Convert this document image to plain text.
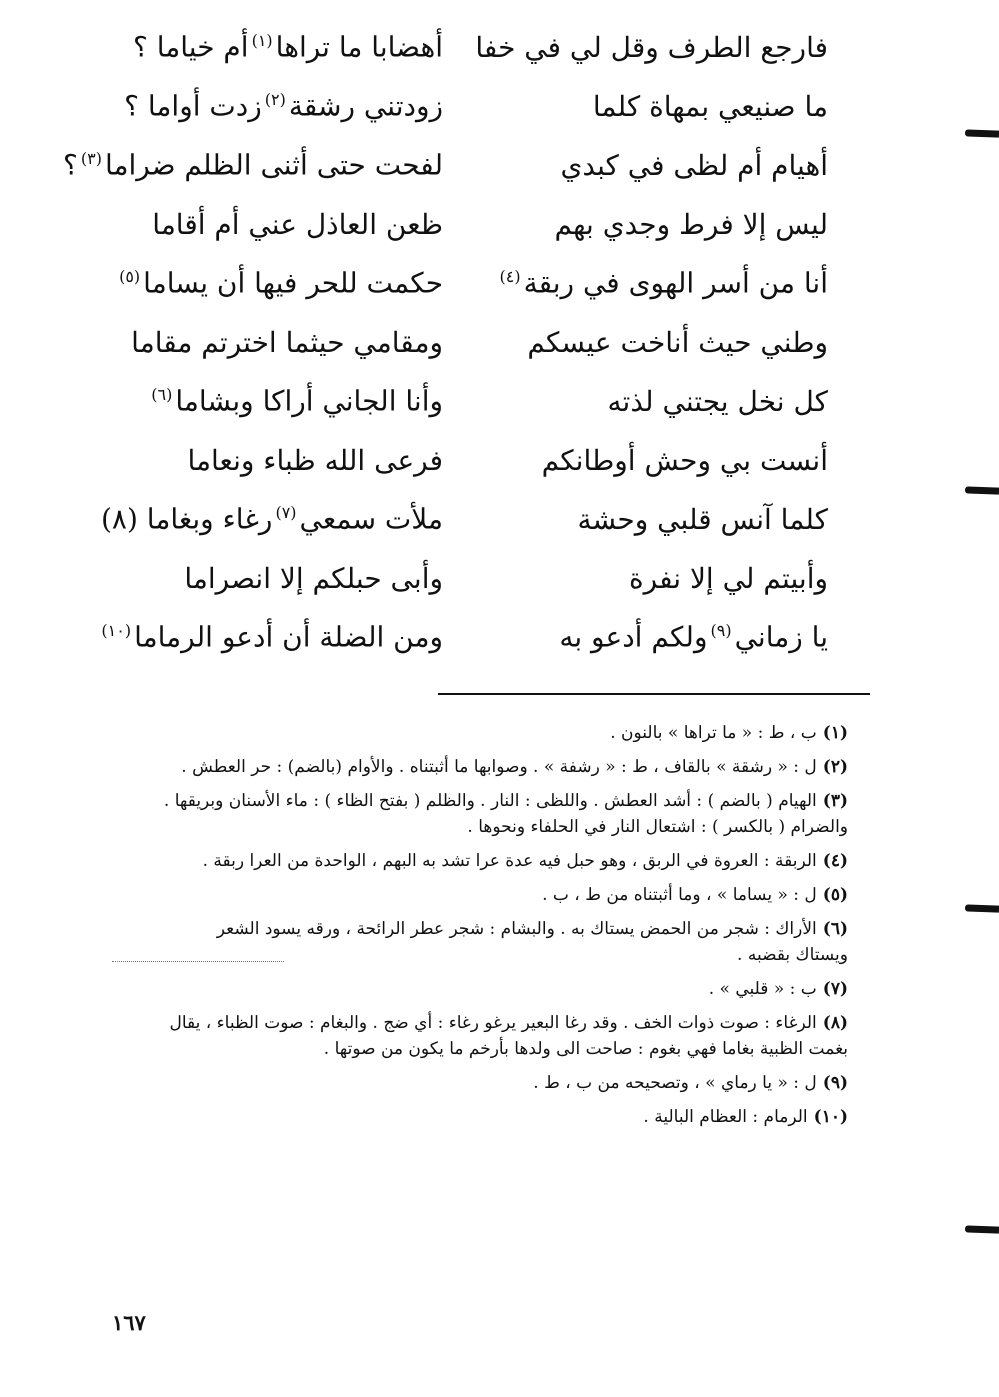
فارجع الطرف وقل لي في خفا
أهضابا ما تراها$^{(١)}$أم خياما ؟
ما صنيعي بمهاة كلما
زودتني رشقة$^{(٢)}$زدت أواما ؟
أهيام أم لظى في كبدي
لفحت حتى أثنى الظلم ضراما$^{(٣)}$؟
ليس إلا فرط وجدي بهم
ظعن العاذل عني أم أقاما
أنا من أسر الهوى في ربقة$^{(٤)}$
حكمت للحر فيها أن يساما$^{(٥)}$
وطني حيث أناخت عيسكم
ومقامي حيثما اخترتم مقاما
كل نخل يجتني لذته
وأنا الجاني أراكا وبشاما$^{(٦)}$
أنست بي وحش أوطانكم
فرعى الله ظباء ونعاما
كلما آنس قلبي وحشة
ملأت سمعي$^{(٧)}$رغاء وبغاما (٨)
وأبيتم لي إلا نفرة
وأبى حبلكم إلا انصراما
يا زماني$^{(٩)}$ولكم أدعو به
ومن الضلة أن أدعو الرماما$^{(١٠)}$

(١)ب ، ط : « ما تراها » بالنون .

(٢)ل : « رشقة » بالقاف ، ط : « رشفة » . وصوابها ما أثبتناه . والأوام (بالضم) : حر العطش .

(٣)الهيام ( بالضم ) : أشد العطش . واللظى : النار . والظلم ( بفتح الظاء ) : ماء الأسنان وبريقها .
والضرام ( بالكسر ) : اشتعال النار في الحلفاء ونحوها .

(٤)الربقة : العروة في الربق ، وهو حبل فيه عدة عرا تشد به البهم ، الواحدة من العرا ربقة .

(٥)ل : « يساما » ، وما أثبتناه من ط ، ب .

(٦)الأراك : شجر من الحمض يستاك به . والبشام : شجر عطر الرائحة ، ورقه يسود الشعر
ويستاك بقضبه .

(٧)ب : « قلبي » .

(٨)الرغاء : صوت ذوات الخف . وقد رغا البعير يرغو رغاء : أي ضج . والبغام : صوت الظباء ، يقال
بغمت الظبية بغاما فهي بغوم : صاحت الى ولدها بأرخم ما يكون من صوتها .

(٩)ل : « يا رماي » ، وتصحيحه من ب ، ط .

(١٠)الرمام : العظام البالية .

١٦٧
